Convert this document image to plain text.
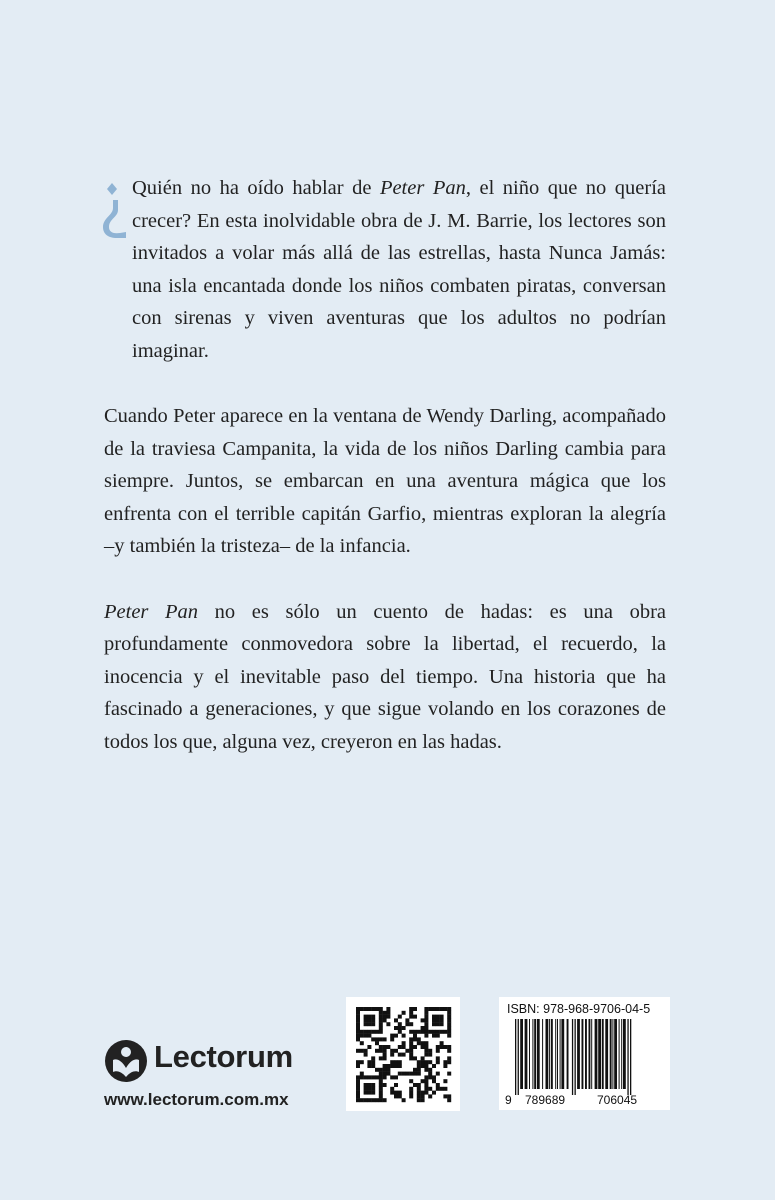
Quién no ha oído hablar de Peter Pan, el niño que no quería crecer? En esta inolvidable obra de J. M. Barrie, los lectores son invitados a volar más allá de las estrellas, hasta Nunca Jamás: una isla encantada donde los niños combaten piratas, conversan con sirenas y viven aventuras que los adultos no podrían imaginar.

Cuando Peter aparece en la ventana de Wendy Darling, acompañado de la traviesa Campanita, la vida de los niños Darling cambia para siempre. Juntos, se embarcan en una aventura mágica que los enfrenta con el terrible capitán Garfio, mientras exploran la alegría –y también la tristeza– de la infancia.

Peter Pan no es sólo un cuento de hadas: es una obra profundamente conmovedora sobre la libertad, el recuerdo, la inocencia y el inevitable paso del tiempo. Una historia que ha fascinado a generaciones, y que sigue volando en los corazones de todos los que, alguna vez, creyeron en las hadas.

Lectorum
www.lectorum.com.mx
ISBN: 978-968-9706-04-5
9 789689	706045
